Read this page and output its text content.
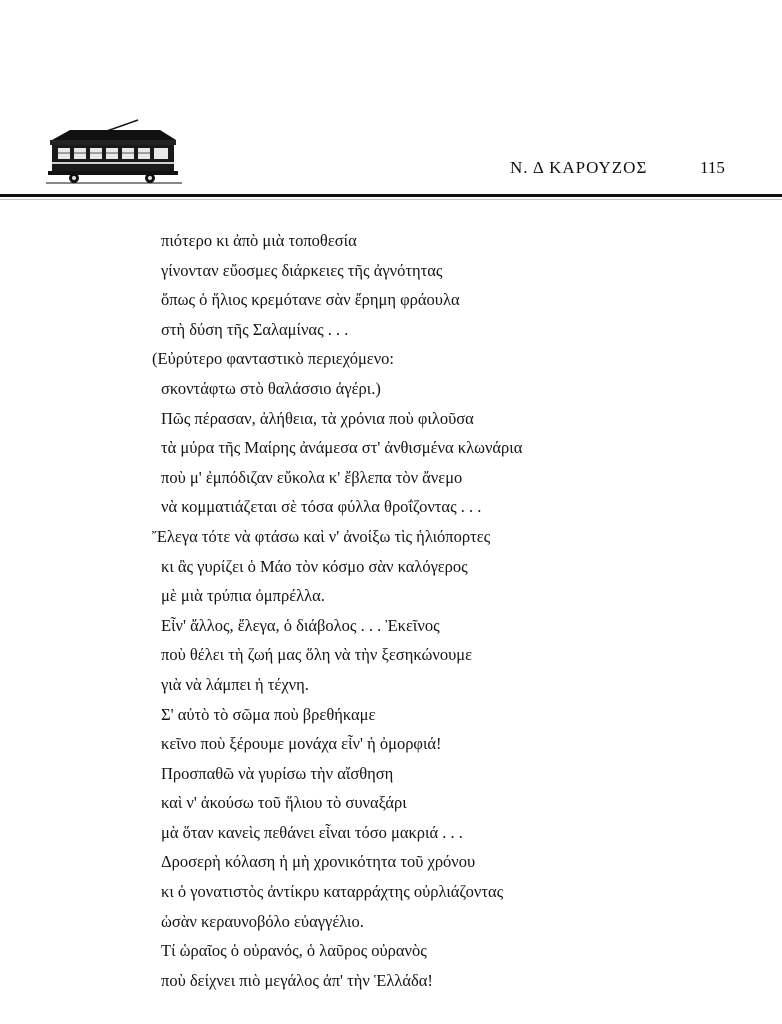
Ν. Δ ΚΑΡΟΥΖΟΣ	115
πιότερο κι ἀπὸ μιὰ τοποθεσία
γίνονταν εὔοσμες διάρκειες τῆς ἀγνότητας
ὅπως ὁ ἥλιος κρεμότανε σὰν ἔρημη φράουλα
στὴ δύση τῆς Σαλαμίνας . . .
(Εὐρύτερο φανταστικὸ περιεχόμενο:
σκοντάφτω στὸ θαλάσσιο ἀγέρι.)
Πῶς πέρασαν, ἀλήθεια, τὰ χρόνια ποὺ φιλοῦσα
τὰ μύρα τῆς Μαίρης ἀνάμεσα στ' ἀνθισμένα κλωνάρια
ποὺ μ' ἐμπόδιζαν εὔκολα κ' ἔβλεπα τὸν ἄνεμο
νὰ κομματιάζεται σὲ τόσα φύλλα θροΐζοντας . . .
Ἔλεγα τότε νὰ φτάσω καὶ ν' ἀνοίξω τὶς ἡλιόπορτες
κι ἂς γυρίζει ὁ Μάο τὸν κόσμο σὰν καλόγερος
μὲ μιὰ τρύπια ὀμπρέλλα.
Εἶν' ἄλλος, ἔλεγα, ὁ διάβολος . . . Ἐκεῖνος
ποὺ θέλει τὴ ζωή μας ὅλη νὰ τὴν ξεσηκώνουμε
γιὰ νὰ λάμπει ἡ τέχνη.
Σ' αὐτὸ τὸ σῶμα ποὺ βρεθήκαμε
κεῖνο ποὺ ξέρουμε μονάχα εἶν' ἡ ὀμορφιά!
Προσπαθῶ νὰ γυρίσω τὴν αἴσθηση
καὶ ν' ἀκούσω τοῦ ἥλιου τὸ συναξάρι
μὰ ὅταν κανεὶς πεθάνει εἶναι τόσο μακριά . . .
Δροσερὴ κόλαση ἡ μὴ χρονικότητα τοῦ χρόνου
κι ὁ γονατιστὸς ἀντίκρυ καταρράχτης οὐρλιάζοντας
ὡσὰν κεραυνοβόλο εὐαγγέλιο.
Τί ὡραῖος ὁ οὐρανός, ὁ λαῦρος οὐρανὸς
ποὺ δείχνει πιὸ μεγάλος ἀπ' τὴν Ἑλλάδα!
